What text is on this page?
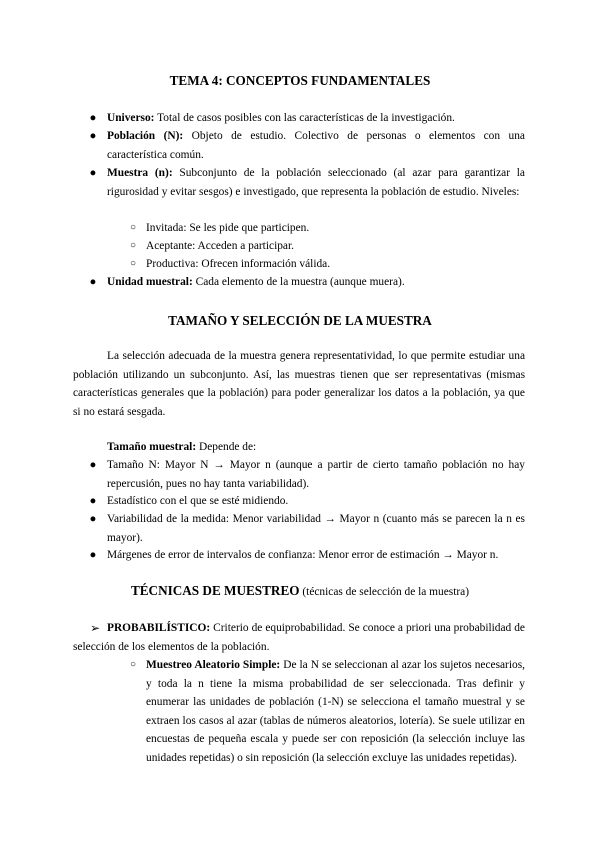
TEMA 4: CONCEPTOS FUNDAMENTALES
● Universo: Total de casos posibles con las características de la investigación.
● Población (N): Objeto de estudio. Colectivo de personas o elementos con una característica común.
● Muestra (n): Subconjunto de la población seleccionado (al azar para garantizar la rigurosidad y evitar sesgos) e investigado, que representa la población de estudio. Niveles:
○ Invitada: Se les pide que participen.
○ Aceptante: Acceden a participar.
○ Productiva: Ofrecen información válida.
● Unidad muestral: Cada elemento de la muestra (aunque muera).
TAMAÑO Y SELECCIÓN DE LA MUESTRA

La selección adecuada de la muestra genera representatividad, lo que permite estudiar una población utilizando un subconjunto. Así, las muestras tienen que ser representativas (mismas características generales que la población) para poder generalizar los datos a la población, ya que si no estará sesgada.

Tamaño muestral: Depende de:
● Tamaño N: Mayor N → Mayor n (aunque a partir de cierto tamaño población no hay repercusión, pues no hay tanta variabilidad).
● Estadístico con el que se esté midiendo.
● Variabilidad de la medida: Menor variabilidad → Mayor n (cuanto más se parecen la n es mayor).
● Márgenes de error de intervalos de confianza: Menor error de estimación → Mayor n.
TÉCNICAS DE MUESTREO (técnicas de selección de la muestra)
➢ PROBABILÍSTICO: Criterio de equiprobabilidad. Se conoce a priori una probabilidad de selección de los elementos de la población.
○ Muestreo Aleatorio Simple: De la N se seleccionan al azar los sujetos necesarios, y toda la n tiene la misma probabilidad de ser seleccionada. Tras definir y enumerar las unidades de población (1-N) se selecciona el tamaño muestral y se extraen los casos al azar (tablas de números aleatorios, lotería). Se suele utilizar en encuestas de pequeña escala y puede ser con reposición (la selección incluye las unidades repetidas) o sin reposición (la selección excluye las unidades repetidas).
